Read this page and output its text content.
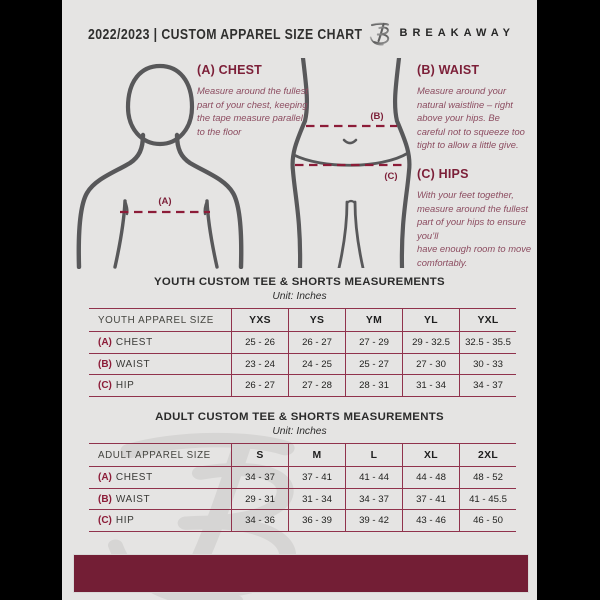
2022/2023 | CUSTOM APPAREL SIZE CHART	BREAKAWAY
(A)
(B)
(C)
(A) CHEST
Measure around the fullest part of your chest, keeping the tape measure parallel to the floor
(B) WAIST
Measure around your natural waistline – right above your hips. Be careful not to squeeze too tight to allow a little give.
(C) HIPS
With your feet together, measure around the fullest part of your hips to ensure you’ll
have enough room to move comfortably.
YOUTH CUSTOM TEE & SHORTS MEASUREMENTS
Unit: Inches
YOUTH APPAREL SIZE	YXS	YS	YM	YL	YXL
(A) CHEST	25 - 26	26 - 27	27 - 29	29 - 32.5	32.5 - 35.5
(B) WAIST	23 - 24	24 - 25	25 - 27	27 - 30	30 - 33
(C) HIP	26 - 27	27 - 28	28 - 31	31 - 34	34 - 37
ADULT CUSTOM TEE & SHORTS MEASUREMENTS
Unit: Inches
ADULT APPAREL SIZE	S	M	L	XL	2XL
(A) CHEST	34 - 37	37 - 41	41 - 44	44 - 48	48 - 52
(B) WAIST	29 - 31	31 - 34	34 - 37	37 - 41	41 - 45.5
(C) HIP	34 - 36	36 - 39	39 - 42	43 - 46	46 - 50
